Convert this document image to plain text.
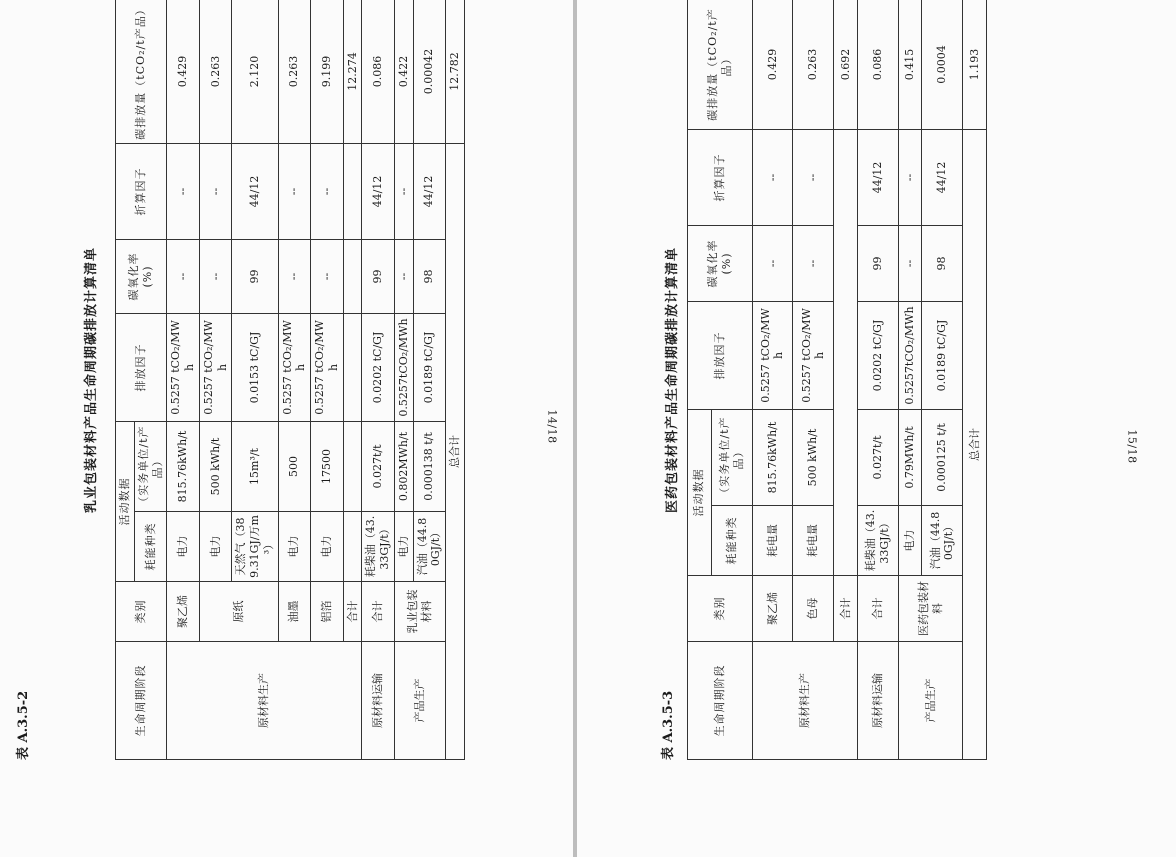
表 A.3.5-2
乳业包装材料产品生命周期碳排放计算清单
生命周期阶段	类别	活动数据		排放因子	碳氧化率(%)	折算因子	碳排放量（tCO₂/t产品）
		耗能种类	（实务单位/t产品）				
原材料生产	聚乙烯	电力	815.76kWh/t	0.5257 tCO₂/MWh	--	--	0.429
	原纸	电力	500 kWh/t	0.5257 tCO₂/MWh	--	--	0.263
		天然气（389.31GJ/万m³）	15m³/t	0.0153 tC/GJ	99	44/12	2.120
	油墨	电力	500	0.5257 tCO₂/MWh	--	--	0.263
	铝箔	电力	17500	0.5257 tCO₂/MWh	--	--	9.199
	合计						12.274
原材料运输	合计	耗柴油（43.33GJ/t）	0.027t/t	0.0202 tC/GJ	99	44/12	0.086
产品生产	乳业包装材料	电力	0.802MWh/t	0.5257tCO₂/MWh	--	--	0.422
		汽油（44.80GJ/t）	0.000138 t/t	0.0189 tC/GJ	98	44/12	0.00042
总合计							12.782
14/18
表 A.3.5-3
医药包装材料产品生命周期碳排放计算清单
生命周期阶段	类别	活动数据		排放因子	碳氧化率(%)	折算因子	碳排放量（tCO₂/t产品）
		耗能种类	（实务单位/t产品）				
原材料生产	聚乙烯	耗电量	815.76kWh/t	0.5257 tCO₂/MWh	--	--	0.429
	色母	耗电量	500 kWh/t	0.5257 tCO₂/MWh	--	--	0.263
	合计						0.692
原材料运输	合计	耗柴油（43.33GJ/t）	0.027t/t	0.0202 tC/GJ	99	44/12	0.086
产品生产	医药包装材料	电力	0.79MWh/t	0.5257tCO₂/MWh	--	--	0.415
		汽油（44.80GJ/t）	0.000125 t/t	0.0189 tC/GJ	98	44/12	0.0004
总合计							1.193
15/18
